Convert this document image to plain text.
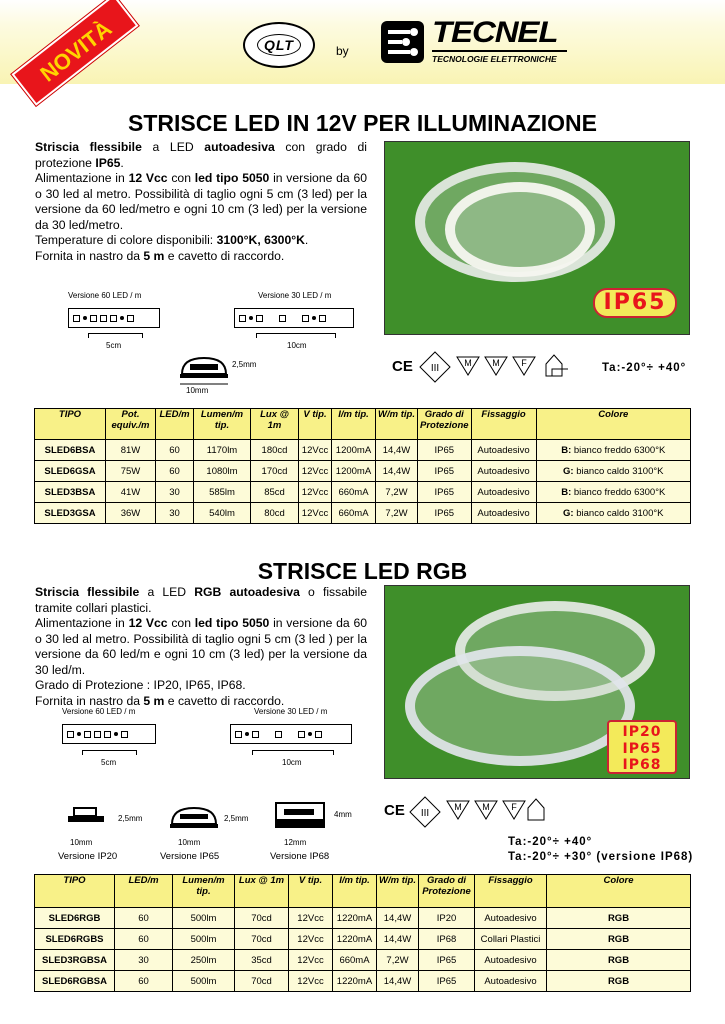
NOVITÀ	QLT	by
TECNEL
TECNOLOGIE ELETTRONICHE
STRISCE LED IN 12V PER ILLUMINAZIONE
Striscia flessibile a LED autoadesiva con grado di protezione IP65.
Alimentazione in 12 Vcc con led tipo 5050 in versione da 60 o 30 led al metro. Possibilità di taglio ogni 5 cm (3 led) per la versione da 60 led/metro e ogni 10 cm (3 led) per la versione da 30 led/metro.
Temperature di colore disponibili: 3100°K, 6300°K.
Fornita in nastro da 5 m e cavetto di raccordo.
IP65
Versione 60 LED / m
5cm
Versione 30 LED / m
10cm
2,5mm
10mm
CE III	M M F	Ta:-20°÷ +40°
TIPO	Pot. equiv./m	LED/m	Lumen/m tip.	Lux @ 1m	V tip.	I/m tip.	W/m tip.	Grado di Protezione	Fissaggio	Colore
SLED6BSA	81W	60	1170lm	180cd	12Vcc	1200mA	14,4W	IP65	Autoadesivo	B: bianco freddo 6300°K
SLED6GSA	75W	60	1080lm	170cd	12Vcc	1200mA	14,4W	IP65	Autoadesivo	G: bianco caldo 3100°K
SLED3BSA	41W	30	585lm	85cd	12Vcc	660mA	7,2W	IP65	Autoadesivo	B: bianco freddo 6300°K
SLED3GSA	36W	30	540lm	80cd	12Vcc	660mA	7,2W	IP65	Autoadesivo	G: bianco caldo 3100°K
STRISCE LED RGB
Striscia flessibile a LED RGB autoadesiva o fissabile tramite collari plastici.
Alimentazione in 12 Vcc con led tipo 5050 in versione da 60 o 30 led al metro. Possibilità di taglio ogni 5 cm (3 led ) per la versione da 60 led/m e ogni 10 cm (3 led) per la versione da 30 led/m.
Grado di Protezione : IP20, IP65, IP68.
Fornita in nastro da 5 m e cavetto di raccordo.
IP20
IP65
IP68
Versione 60 LED / m
5cm
Versione 30 LED / m
10cm
2,5mm
10mm
Versione IP20
2,5mm
10mm
Versione IP65
4mm
12mm
Versione IP68
CE III
M M F
Ta:-20°÷ +40°
Ta:-20°÷ +30° (versione IP68)
TIPO	LED/m	Lumen/m tip.	Lux @ 1m	V tip.	I/m tip.	W/m tip.	Grado di Protezione	Fissaggio	Colore
SLED6RGB	60	500lm	70cd	12Vcc	1220mA	14,4W	IP20	Autoadesivo	RGB
SLED6RGBS	60	500lm	70cd	12Vcc	1220mA	14,4W	IP68	Collari Plastici	RGB
SLED3RGBSA	30	250lm	35cd	12Vcc	660mA	7,2W	IP65	Autoadesivo	RGB
SLED6RGBSA	60	500lm	70cd	12Vcc	1220mA	14,4W	IP65	Autoadesivo	RGB
